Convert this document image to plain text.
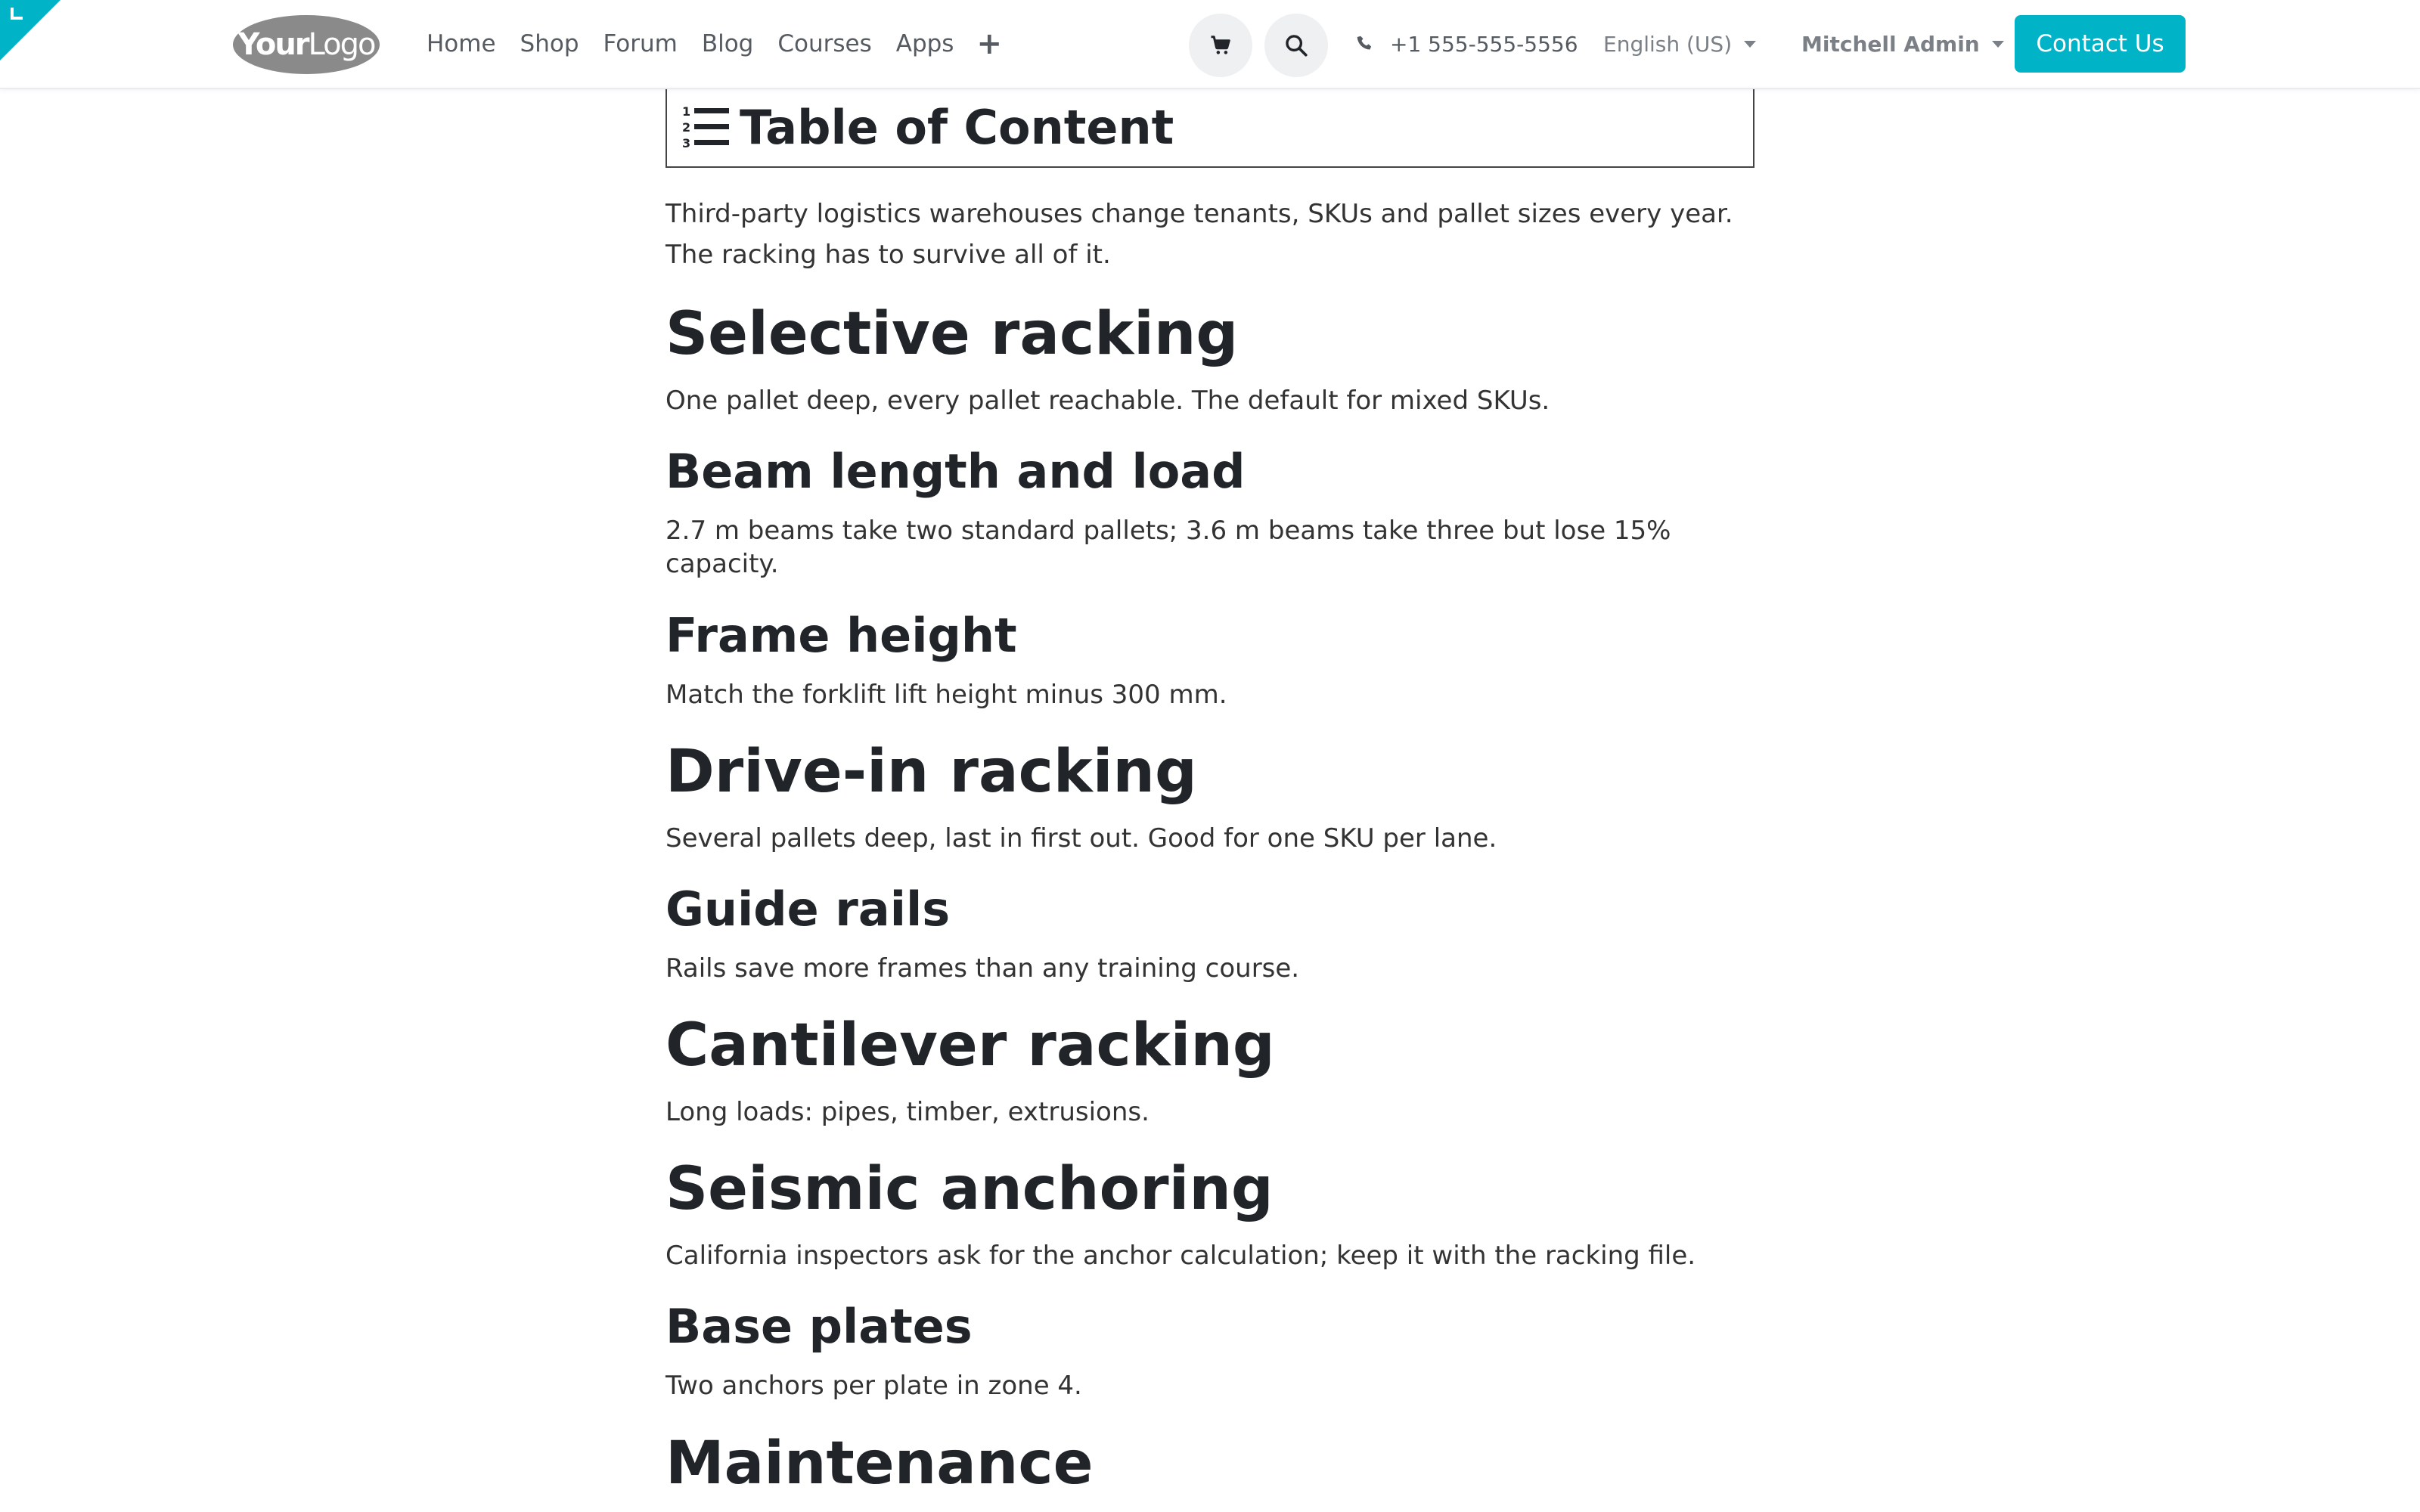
Your Logo	Home	Shop	Forum	Blog	Courses	Apps +	+1 555-555-5556 English (US)	Mitchell Admin	Contact Us
1
2
3 Table of Content

Third-party logistics warehouses change tenants, SKUs and pallet sizes every year. The racking has to survive all of it.

Selective racking

One pallet deep, every pallet reachable. The default for mixed SKUs.

Beam length and load

2.7 m beams take two standard pallets; 3.6 m beams take three but lose 15% capacity.

Frame height

Match the forklift lift height minus 300 mm.

Drive-in racking

Several pallets deep, last in first out. Good for one SKU per lane.

Guide rails

Rails save more frames than any training course.

Cantilever racking

Long loads: pipes, timber, extrusions.

Seismic anchoring

California inspectors ask for the anchor calculation; keep it with the racking file.

Base plates

Two anchors per plate in zone 4.

Maintenance
